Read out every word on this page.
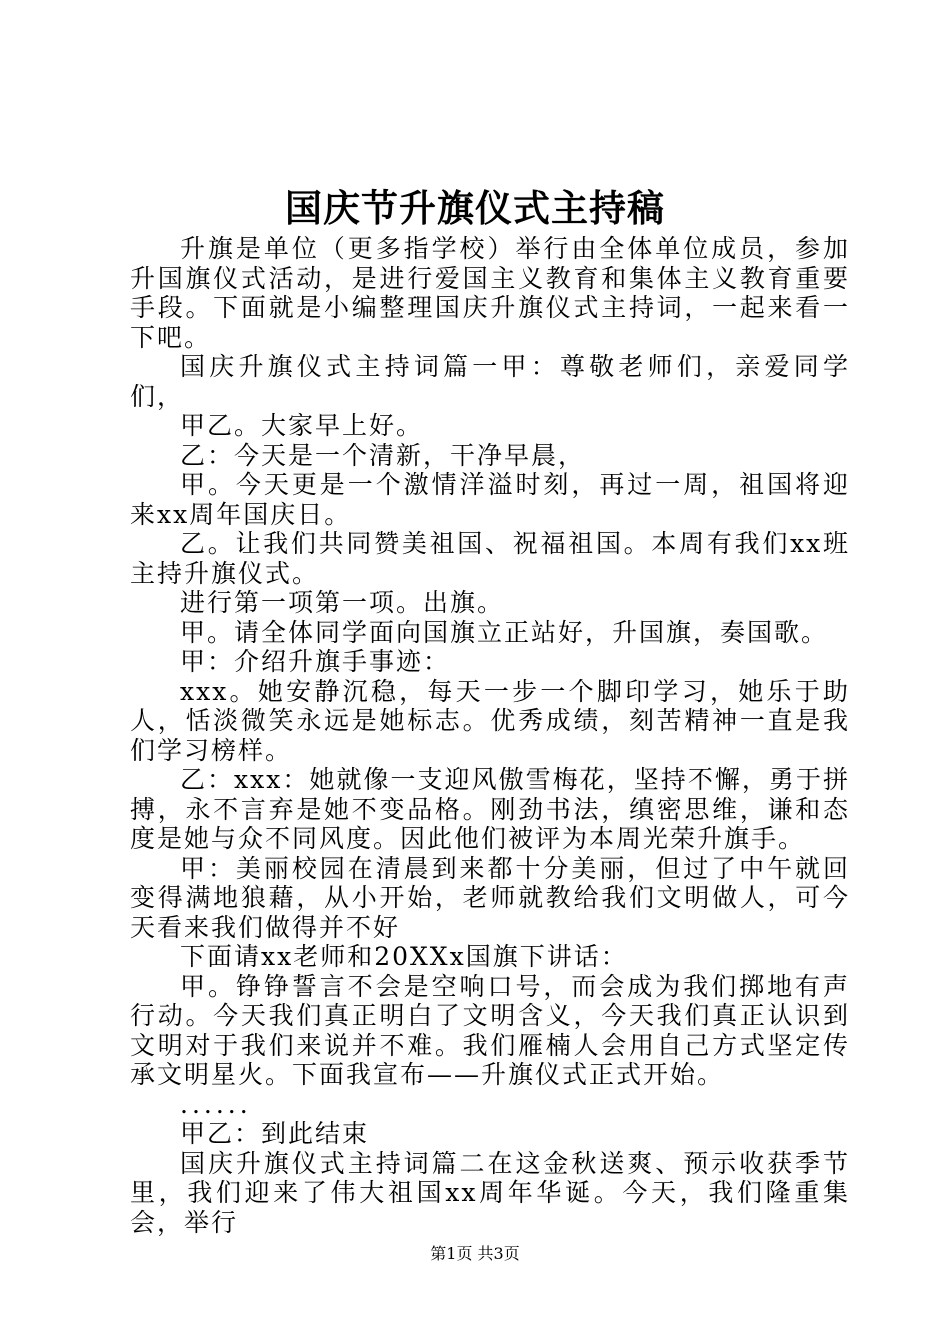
国庆节升旗仪式主持稿

升旗是单位（更多指学校）举行由全体单位成员，参加升国旗仪式活动，是进行爱国主义教育和集体主义教育重要手段。下面就是小编整理国庆升旗仪式主持词，一起来看一下吧。

国庆升旗仪式主持词篇一甲：尊敬老师们，亲爱同学们，

甲乙。大家早上好。

乙：今天是一个清新，干净早晨，

甲。今天更是一个激情洋溢时刻，再过一周，祖国将迎来xx周年国庆日。

乙。让我们共同赞美祖国、祝福祖国。本周有我们xx班主持升旗仪式。

进行第一项第一项。出旗。

甲。请全体同学面向国旗立正站好，升国旗，奏国歌。

甲：介绍升旗手事迹：

xxx。她安静沉稳，每天一步一个脚印学习，她乐于助人，恬淡微笑永远是她标志。优秀成绩，刻苦精神一直是我们学习榜样。

乙：xxx：她就像一支迎风傲雪梅花，坚持不懈，勇于拼搏，永不言弃是她不变品格。刚劲书法，缜密思维，谦和态度是她与众不同风度。因此他们被评为本周光荣升旗手。

甲：美丽校园在清晨到来都十分美丽，但过了中午就回变得满地狼藉，从小开始，老师就教给我们文明做人，可今天看来我们做得并不好

下面请xx老师和20XXx国旗下讲话：

甲。铮铮誓言不会是空响口号，而会成为我们掷地有声行动。今天我们真正明白了文明含义，今天我们真正认识到文明对于我们来说并不难。我们雁楠人会用自己方式坚定传承文明星火。下面我宣布——升旗仪式正式开始。

......

甲乙：到此结束

国庆升旗仪式主持词篇二在这金秋送爽、预示收获季节里，我们迎来了伟大祖国xx周年华诞。今天，我们隆重集会，举行

第1页 共3页
